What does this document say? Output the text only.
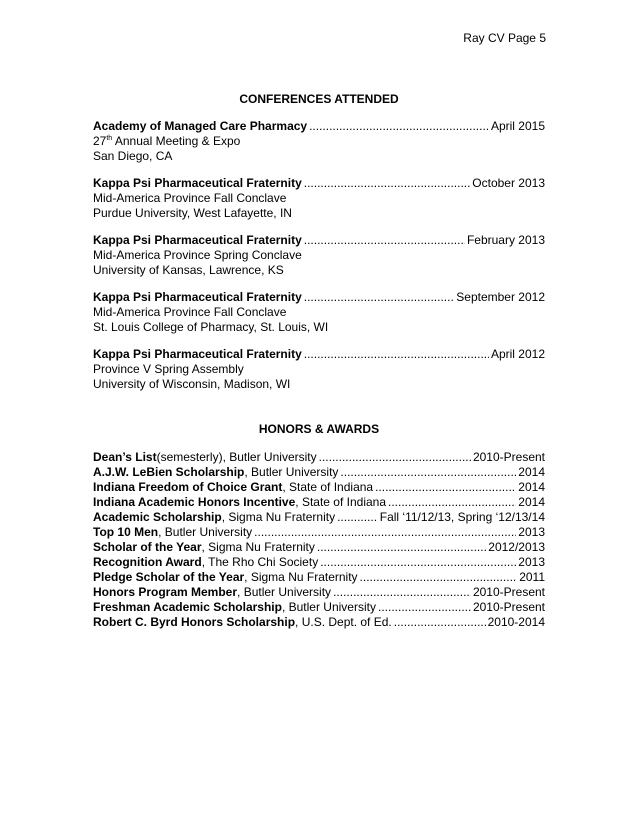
Ray CV Page 5
CONFERENCES ATTENDED
Academy of Managed Care Pharmacy .....	April 2015
27th Annual Meeting & Expo
San Diego, CA
Kappa Psi Pharmaceutical Fraternity .....	October 2013
Mid-America Province Fall Conclave
Purdue University, West Lafayette, IN
Kappa Psi Pharmaceutical Fraternity .....	February 2013
Mid-America Province Spring Conclave
University of Kansas, Lawrence, KS
Kappa Psi Pharmaceutical Fraternity .....	September 2012
Mid-America Province Fall Conclave
St. Louis College of Pharmacy, St. Louis, WI
Kappa Psi Pharmaceutical Fraternity .....	April 2012
Province V Spring Assembly
University of Wisconsin, Madison, WI
HONORS & AWARDS
Dean’s List (semesterly), Butler University .....	2010-Present
A.J.W. LeBien Scholarship , Butler University .....	2014
Indiana Freedom of Choice Grant , State of Indiana .....	2014
Indiana Academic Honors Incentive , State of Indiana .....	2014
Academic Scholarship , Sigma Nu Fraternity .....	Fall ‘11/12/13, Spring ‘12/13/14
Top 10 Men , Butler University .....	2013
Scholar of the Year , Sigma Nu Fraternity .....	2012/2013
Recognition Award , The Rho Chi Society .....	2013
Pledge Scholar of the Year , Sigma Nu Fraternity .....	2011
Honors Program Member , Butler University .....	2010-Present
Freshman Academic Scholarship , Butler University .....	2010-Present
Robert C. Byrd Honors Scholarship , U.S. Dept. of Ed. .....	2010-2014
